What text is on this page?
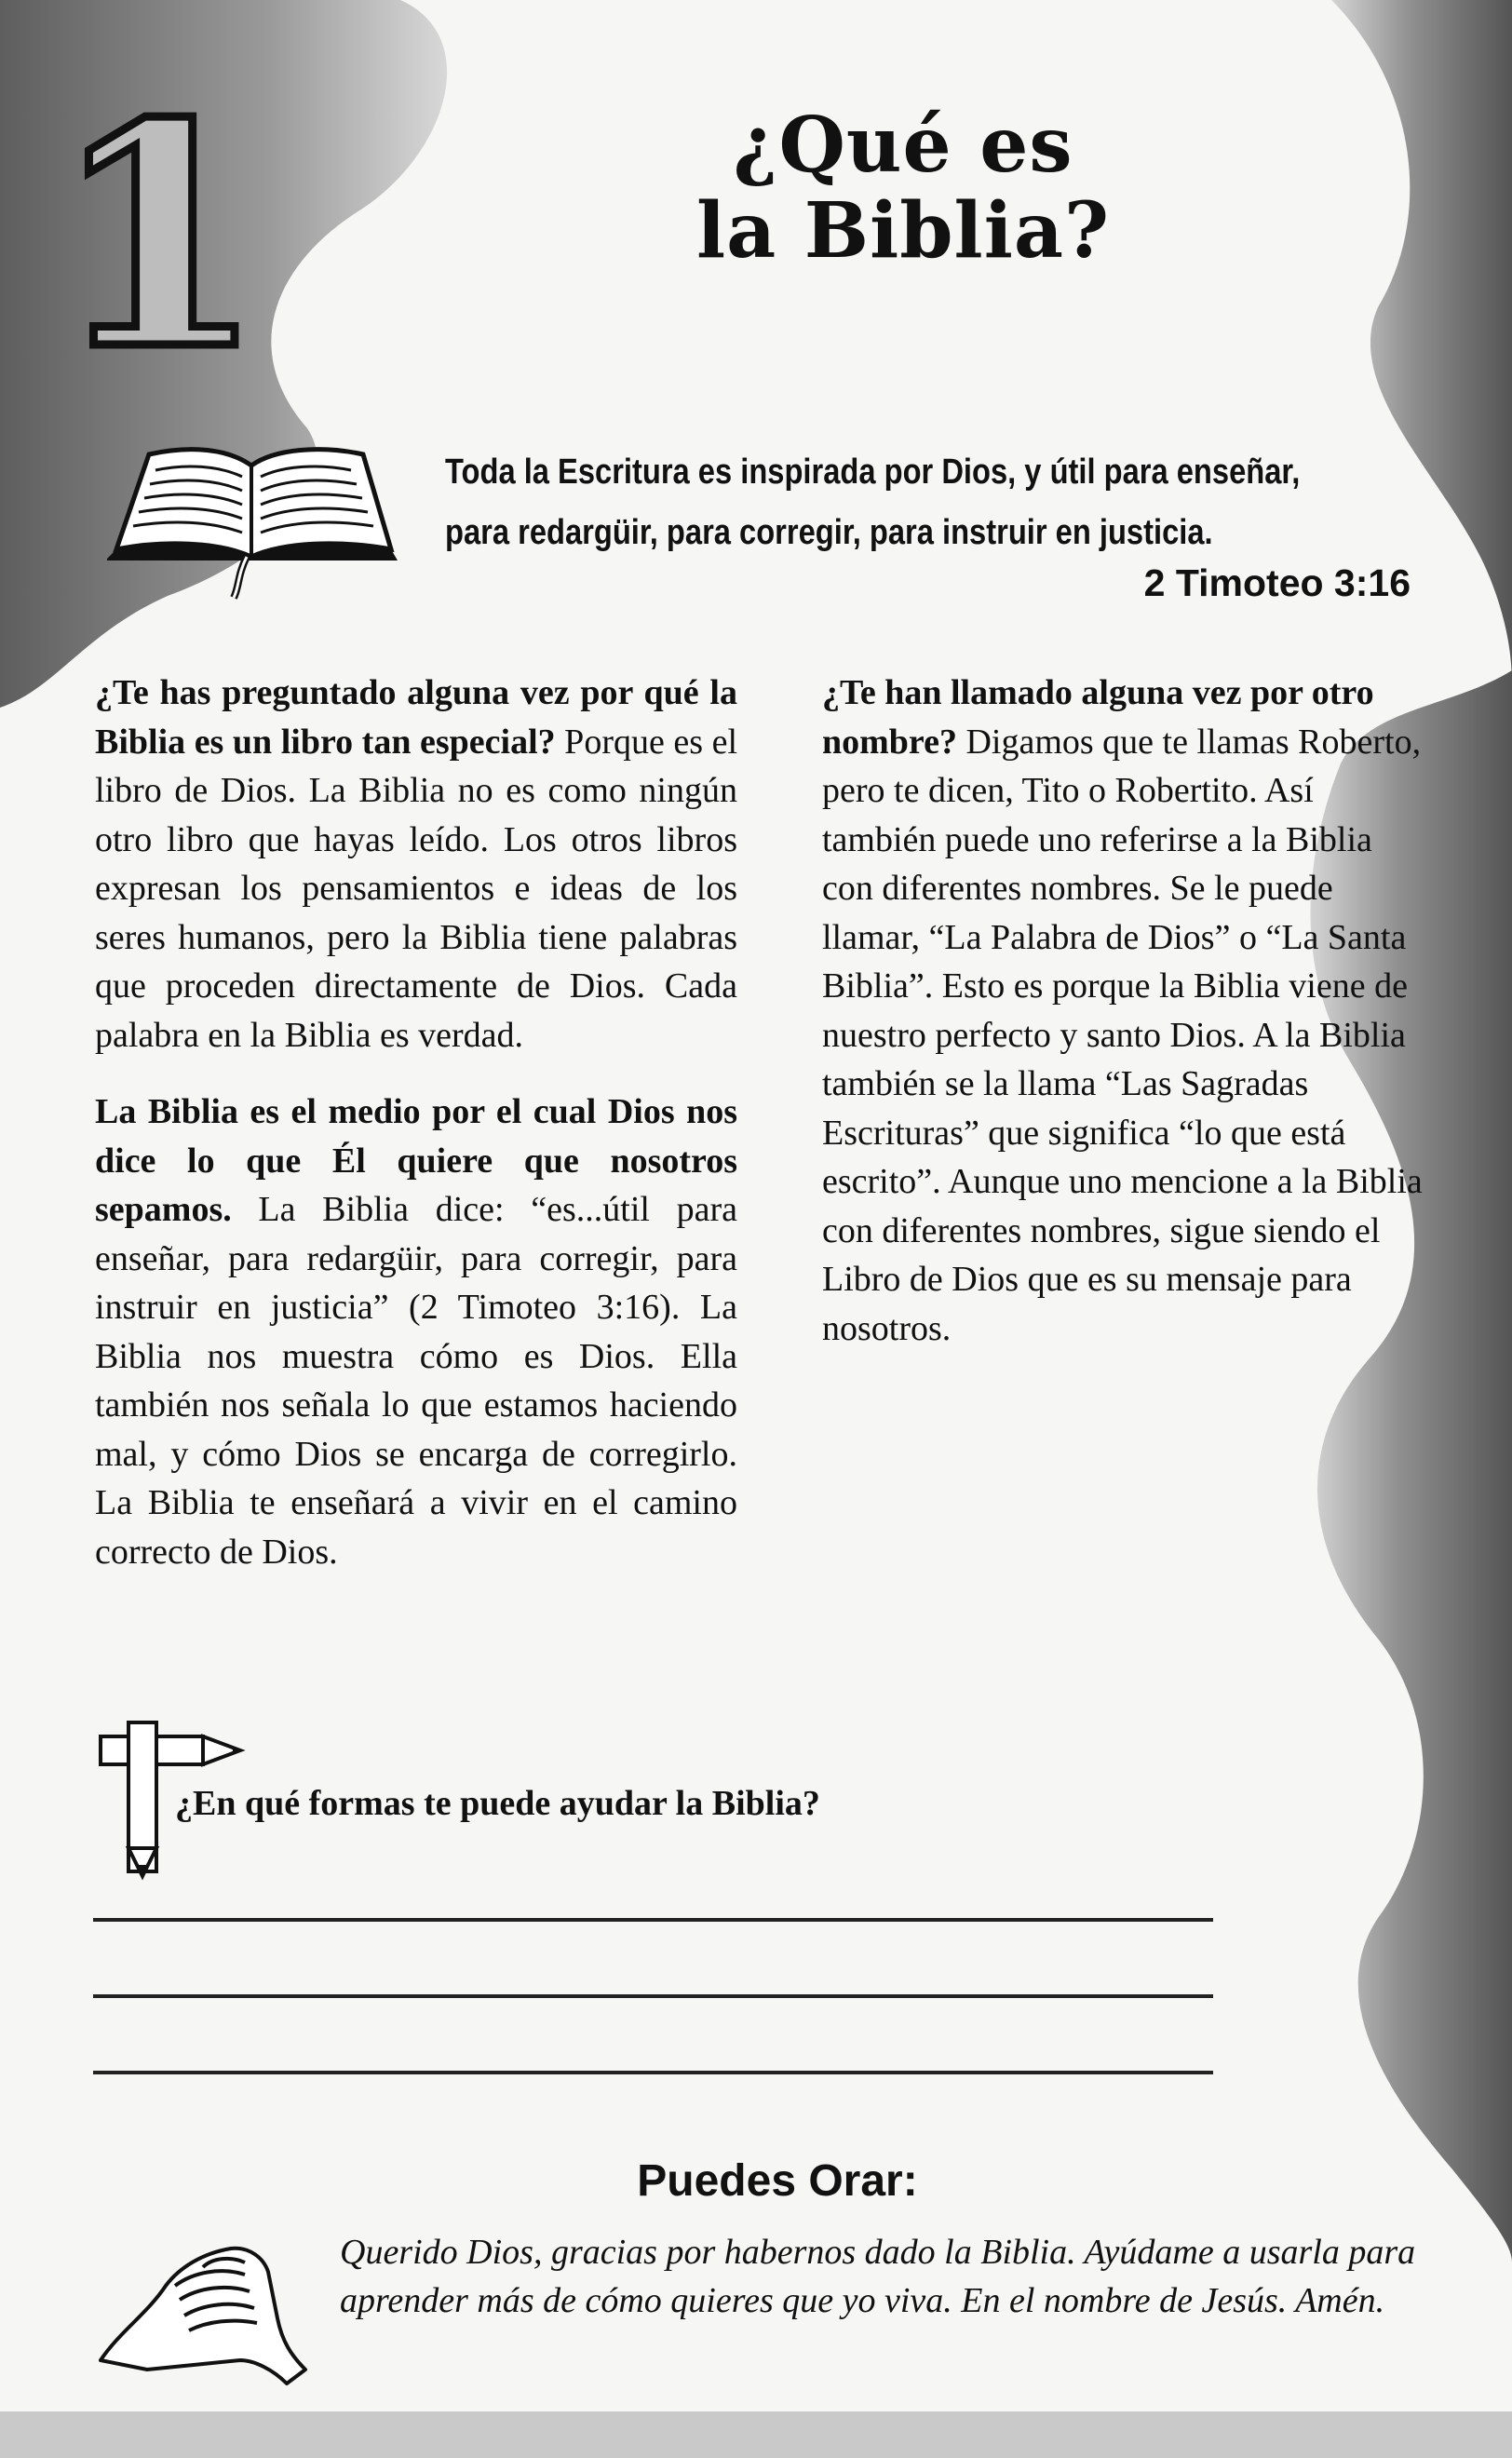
1	¿Qué es
la Biblia?
Toda la Escritura es inspirada por Dios, y útil para enseñar,
para redargüir, para corregir, para instruir en justicia.
2 Timoteo 3:16

¿Te has preguntado alguna vez por qué la Biblia es un libro tan especial? Porque es el libro de Dios. La Biblia no es como ningún otro libro que hayas leído. Los otros libros expresan los pensamientos e ideas de los seres humanos, pero la Biblia tiene palabras que proceden directamente de Dios. Cada palabra en la Biblia es verdad.

La Biblia es el medio por el cual Dios nos dice lo que Él quiere que nosotros sepamos. La Biblia dice: “es...útil para enseñar, para redargüir, para corregir, para instruir en justicia” (2 Timoteo 3:16). La Biblia nos muestra cómo es Dios. Ella también nos señala lo que estamos haciendo mal, y cómo Dios se encarga de corregirlo. La Biblia te enseñará a vivir en el camino correcto de Dios.

¿Te han llamado alguna vez por otro nombre? Digamos que te llamas Roberto, pero te dicen, Tito o Robertito. Así también puede uno referirse a la Biblia con diferentes nombres. Se le puede llamar, “La Palabra de Dios” o “La Santa Biblia”. Esto es porque la Biblia viene de nuestro perfecto y santo Dios. A la Biblia también se la llama “Las Sagradas Escrituras” que significa “lo que está escrito”. Aunque uno mencione a la Biblia con diferentes nombres, sigue siendo el Libro de Dios que es su mensaje para nosotros.

¿En qué formas te puede ayudar la Biblia?
Puedes Orar:
Querido Dios, gracias por habernos dado la Biblia. Ayúdame a usarla para aprender más de cómo quieres que yo viva. En el nombre de Jesús. Amén.
